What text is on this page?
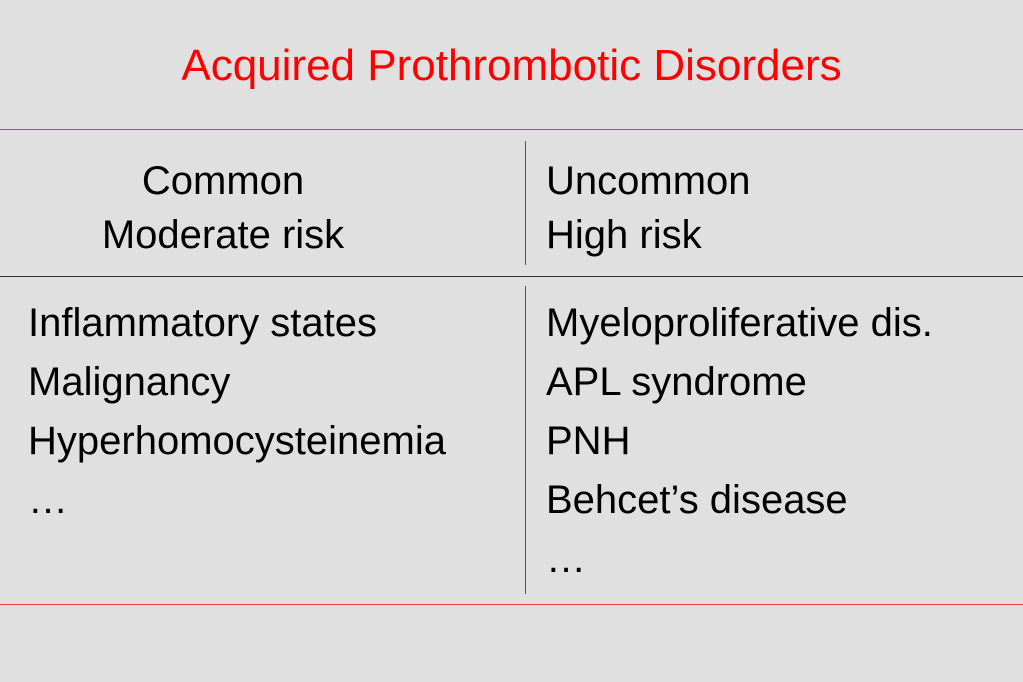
Acquired Prothrombotic Disorders
Common
Moderate risk
Uncommon
High risk
Inflammatory states
Malignancy
Hyperhomocysteinemia
…
Myeloproliferative dis.
APL syndrome
PNH
Behcet’s disease
…
